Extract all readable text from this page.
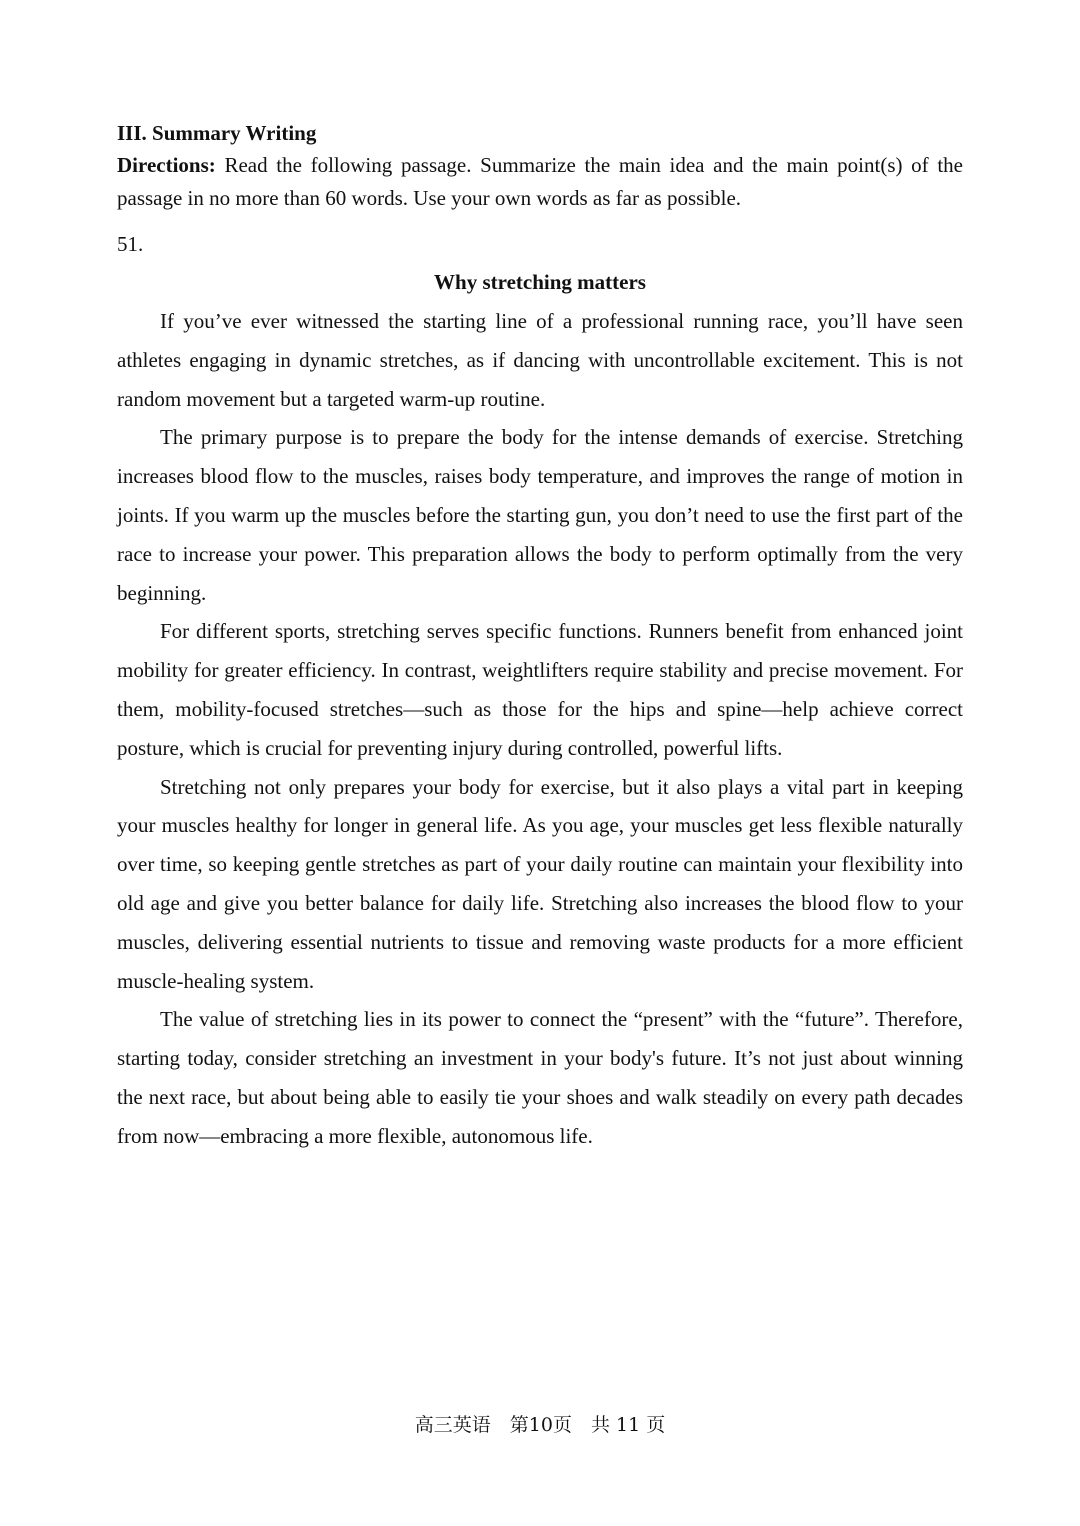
III. Summary Writing

Directions: Read the following passage. Summarize the main idea and the main point(s) of the passage in no more than 60 words. Use your own words as far as possible.

51.

Why stretching matters

If you’ve ever witnessed the starting line of a professional running race, you’ll have seen athletes engaging in dynamic stretches, as if dancing with uncontrollable excitement. This is not random movement but a targeted warm-up routine.

The primary purpose is to prepare the body for the intense demands of exercise. Stretching increases blood flow to the muscles, raises body temperature, and improves the range of motion in joints. If you warm up the muscles before the starting gun, you don’t need to use the first part of the race to increase your power. This preparation allows the body to perform optimally from the very beginning.

For different sports, stretching serves specific functions. Runners benefit from enhanced joint mobility for greater efficiency. In contrast, weightlifters require stability and precise movement. For them, mobility-focused stretches—such as those for the hips and spine—help achieve correct posture, which is crucial for preventing injury during controlled, powerful lifts.

Stretching not only prepares your body for exercise, but it also plays a vital part in keeping your muscles healthy for longer in general life. As you age, your muscles get less flexible naturally over time, so keeping gentle stretches as part of your daily routine can maintain your flexibility into old age and give you better balance for daily life. Stretching also increases the blood flow to your muscles, delivering essential nutrients to tissue and removing waste products for a more efficient muscle-healing system.

The value of stretching lies in its power to connect the “present” with the “future”. Therefore, starting today, consider stretching an investment in your body's future. It’s not just about winning the next race, but about being able to easily tie your shoes and walk steadily on every path decades from now—embracing a more flexible, autonomous life.

高三英语　第10页　共 11 页
